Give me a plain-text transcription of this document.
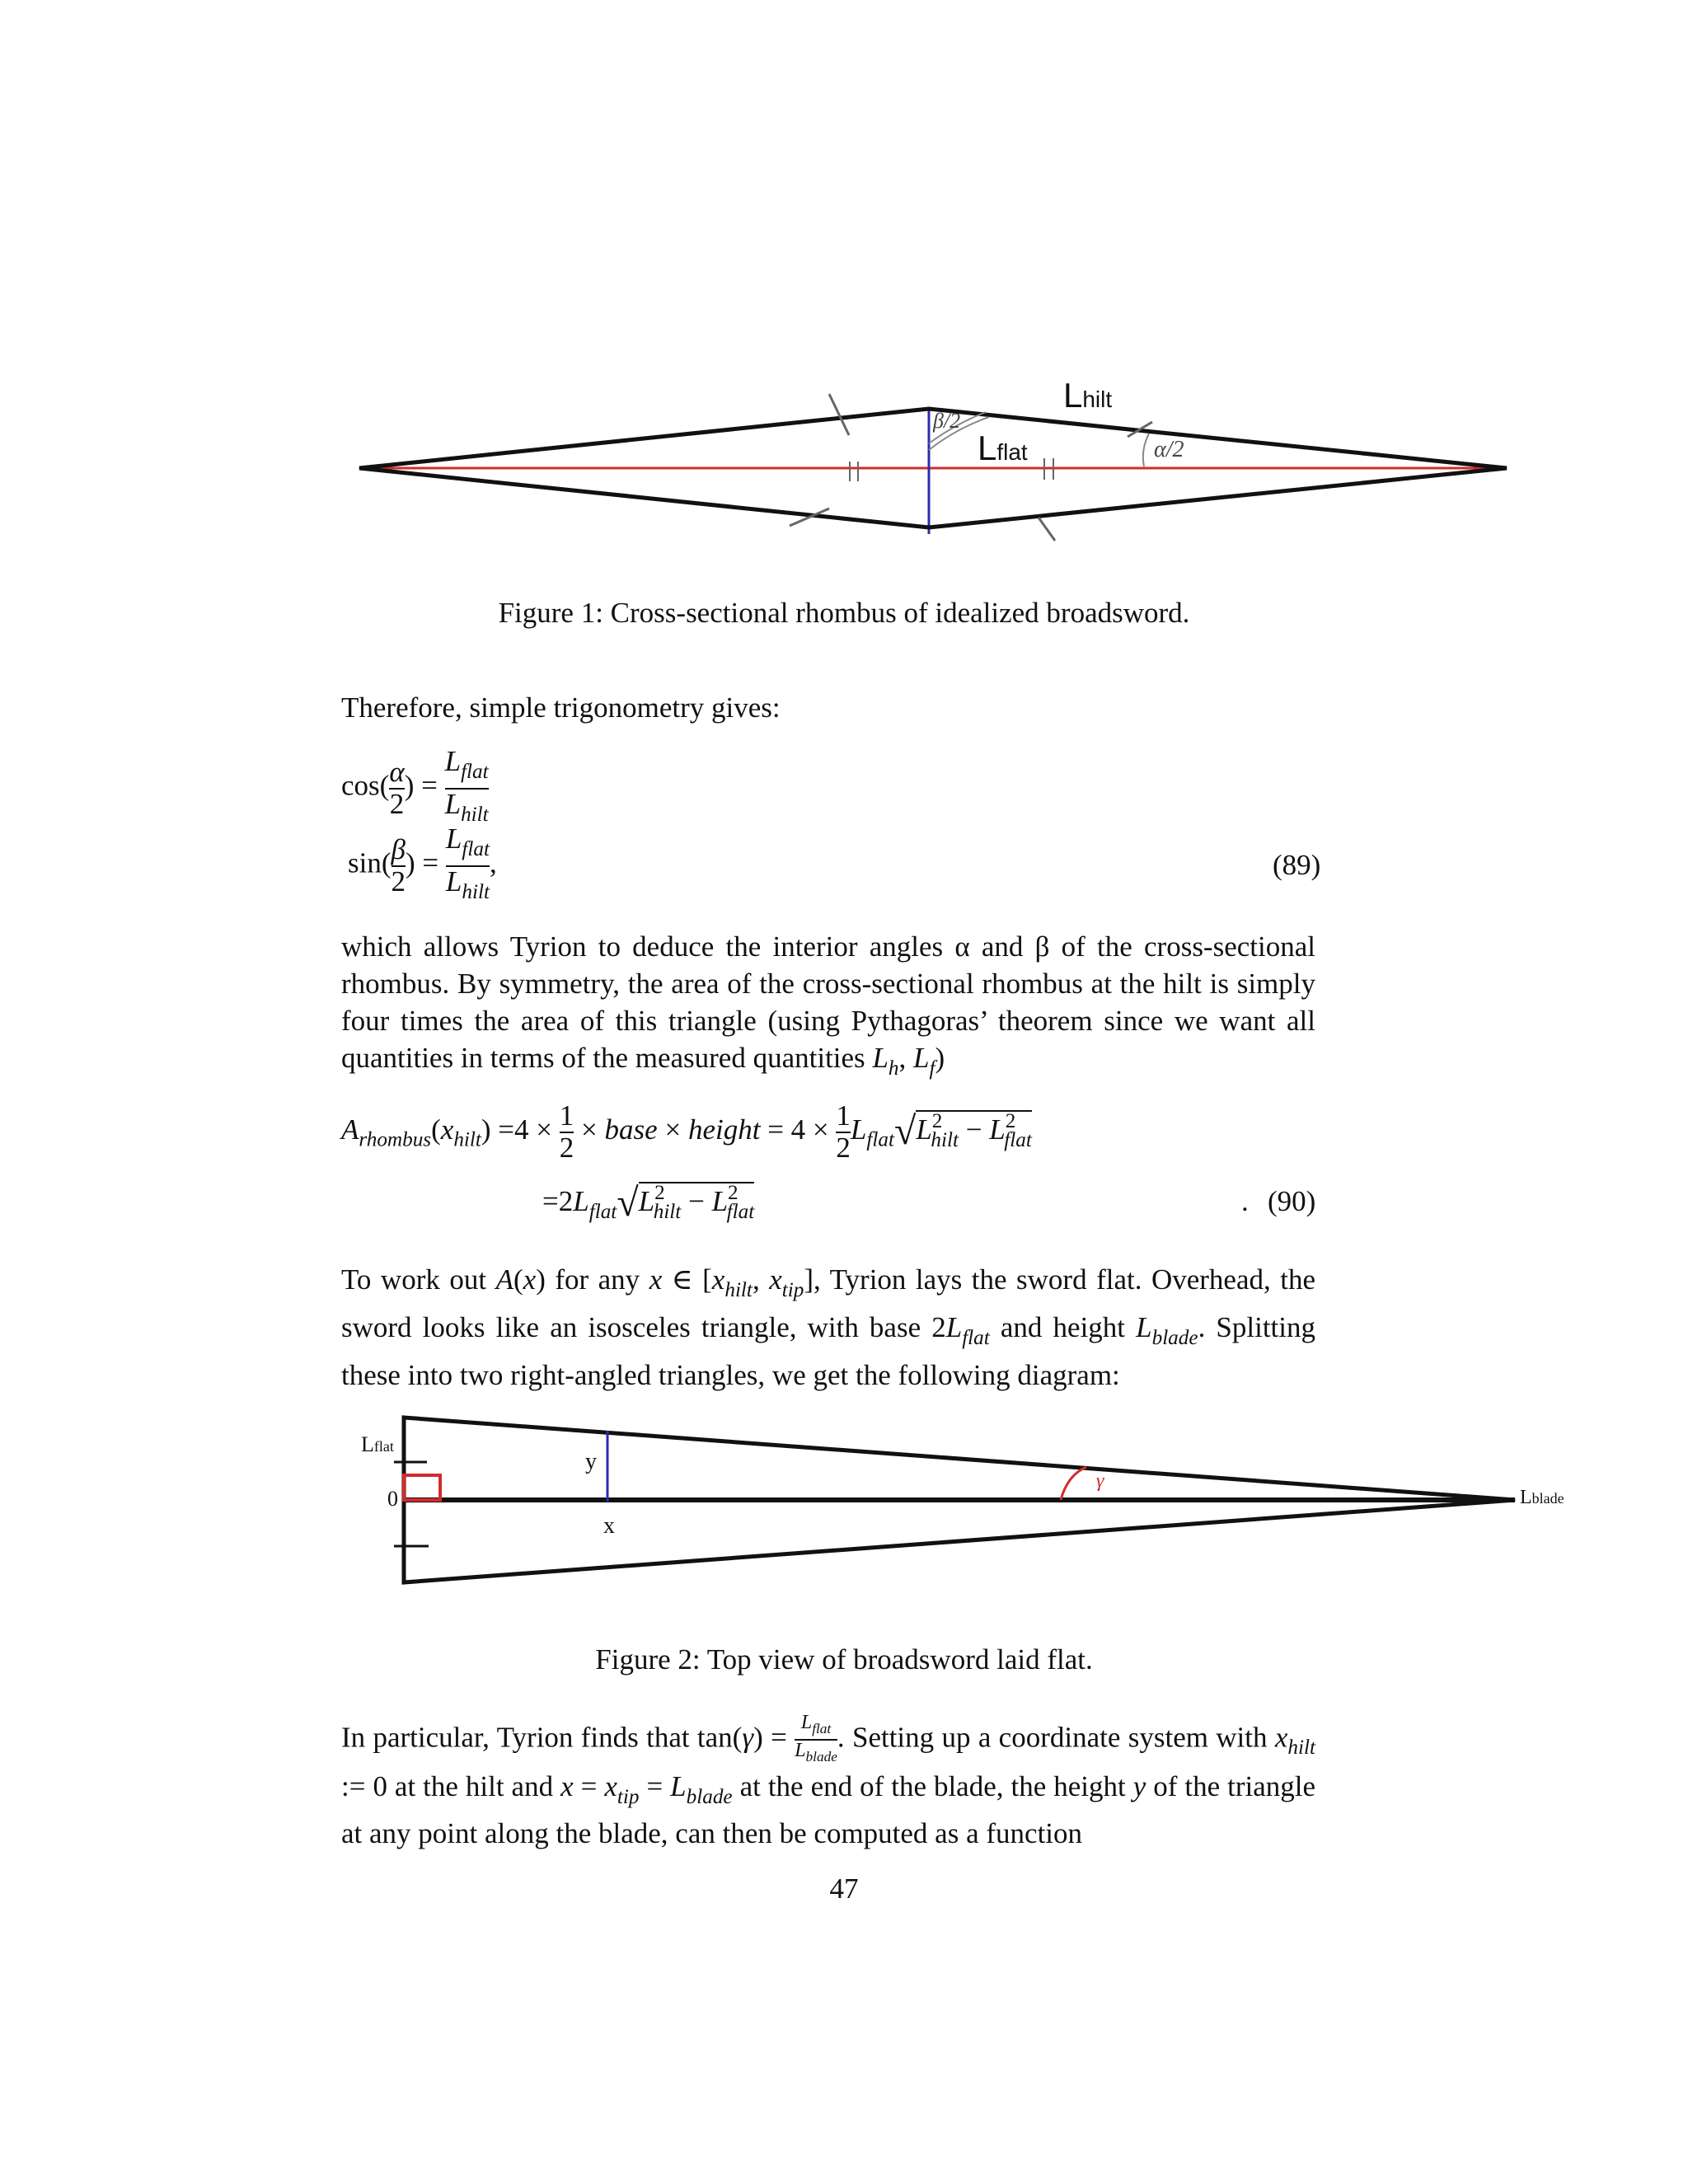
β/2
Lhilt
Lflat	α/2
Figure 1: Cross-sectional rhombus of idealized broadsword.
Therefore, simple trigonometry gives:
$\cos( \frac{\alpha}{2}$ ) = $\frac{L_{flat}}{L_{hilt}}$
$\sin( \frac{\beta}{2}$ ) = $\frac{L_{flat}}{L_{hilt}}$ ,	(89)

which allows Tyrion to deduce the interior angles α and β of the cross-sectional rhombus. By symmetry, the area of the cross-sectional rhombus at the hilt is simply four times the area of this triangle (using Pythagoras’ theorem since we want all quantities in terms of the measured quantities $L_h$, $L_f$)

$A_{rhombus}(x_{hilt}) =4 \times \frac{1}{2}$ × base × height = $4 \times \frac{1}{2} L_{flat}√L^2_{hilt} - L^2_{flat}$
$=2L_{flat}√L^2_{hilt} - L^2_{flat}$	. (90)

To work out A(x) for any x ∈ [$x_{hilt}$, $x_{tip}$], Tyrion lays the sword flat. Overhead, the sword looks like an isosceles triangle, with base $2L_{flat}$ and height $L_{blade}$. Splitting these into two right-angled triangles, we get the following diagram:

Lflat
0
y
x
γ
Lblade
Figure 2: Top view of broadsword laid flat.

In particular, Tyrion finds that $\tan(\gamma) = \frac{L_{flat}}{L_{blade}}$ . Setting up a coordinate system with $x_{hilt}$ := 0 at the hilt and $x = x_{tip} = L_{blade}$ at the end of the blade, the height y of the triangle at any point along the blade, can then be computed as a function

47
